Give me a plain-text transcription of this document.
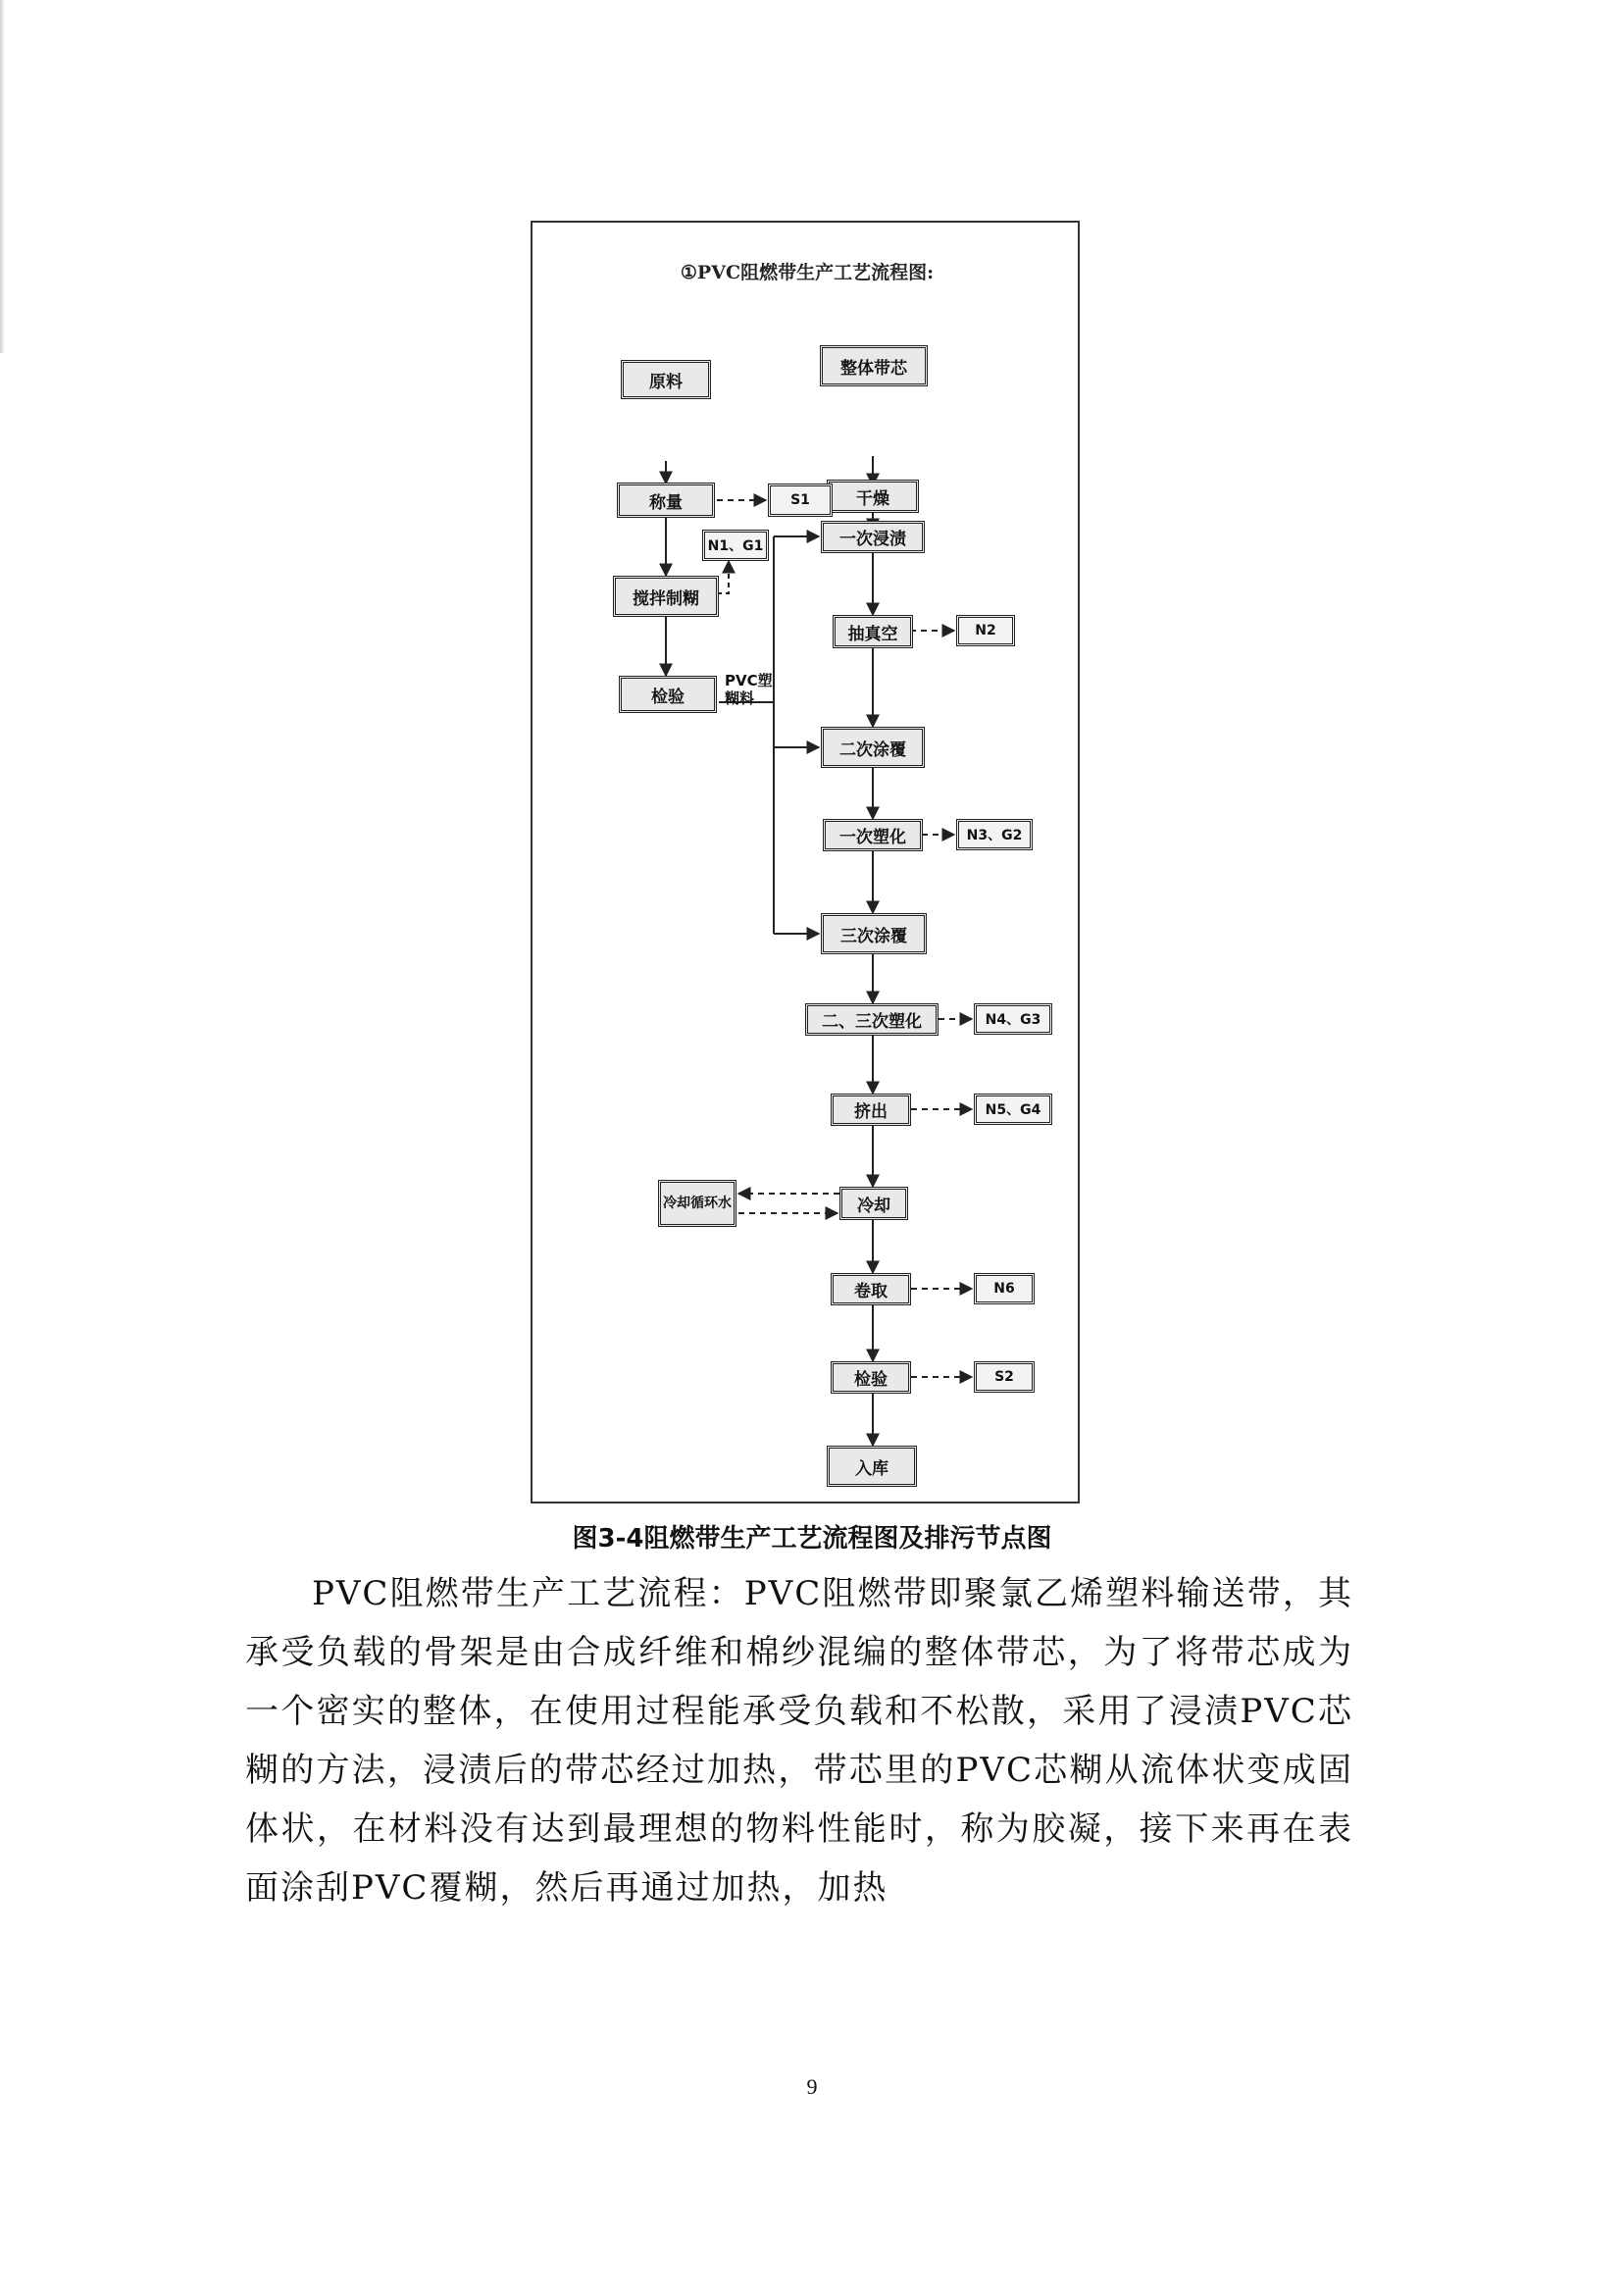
①PVC阻燃带生产工艺流程图:
原料
整体带芯
称量	干燥
S1
N1、G1	一次浸渍
搅拌制糊
抽真空	N2
检验
PVC塑糊料
二次涂覆
一次塑化	N3、G2
三次涂覆
二、三次塑化	N4、G3
挤出	N5、G4
冷却循环水	冷却
卷取	N6
检验	S2
入库
图3-4阻燃带生产工艺流程图及排污节点图

PVC阻燃带生产工艺流程：PVC阻燃带即聚氯乙烯塑料输送带，其承受负载的骨架是由合成纤维和棉纱混编的整体带芯，为了将带芯成为一个密实的整体，在使用过程能承受负载和不松散，采用了浸渍PVC芯糊的方法，浸渍后的带芯经过加热，带芯里的PVC芯糊从流体状变成固体状，在材料没有达到最理想的物料性能时，称为胶凝，接下来再在表面涂刮PVC覆糊，然后再通过加热，加热

9
